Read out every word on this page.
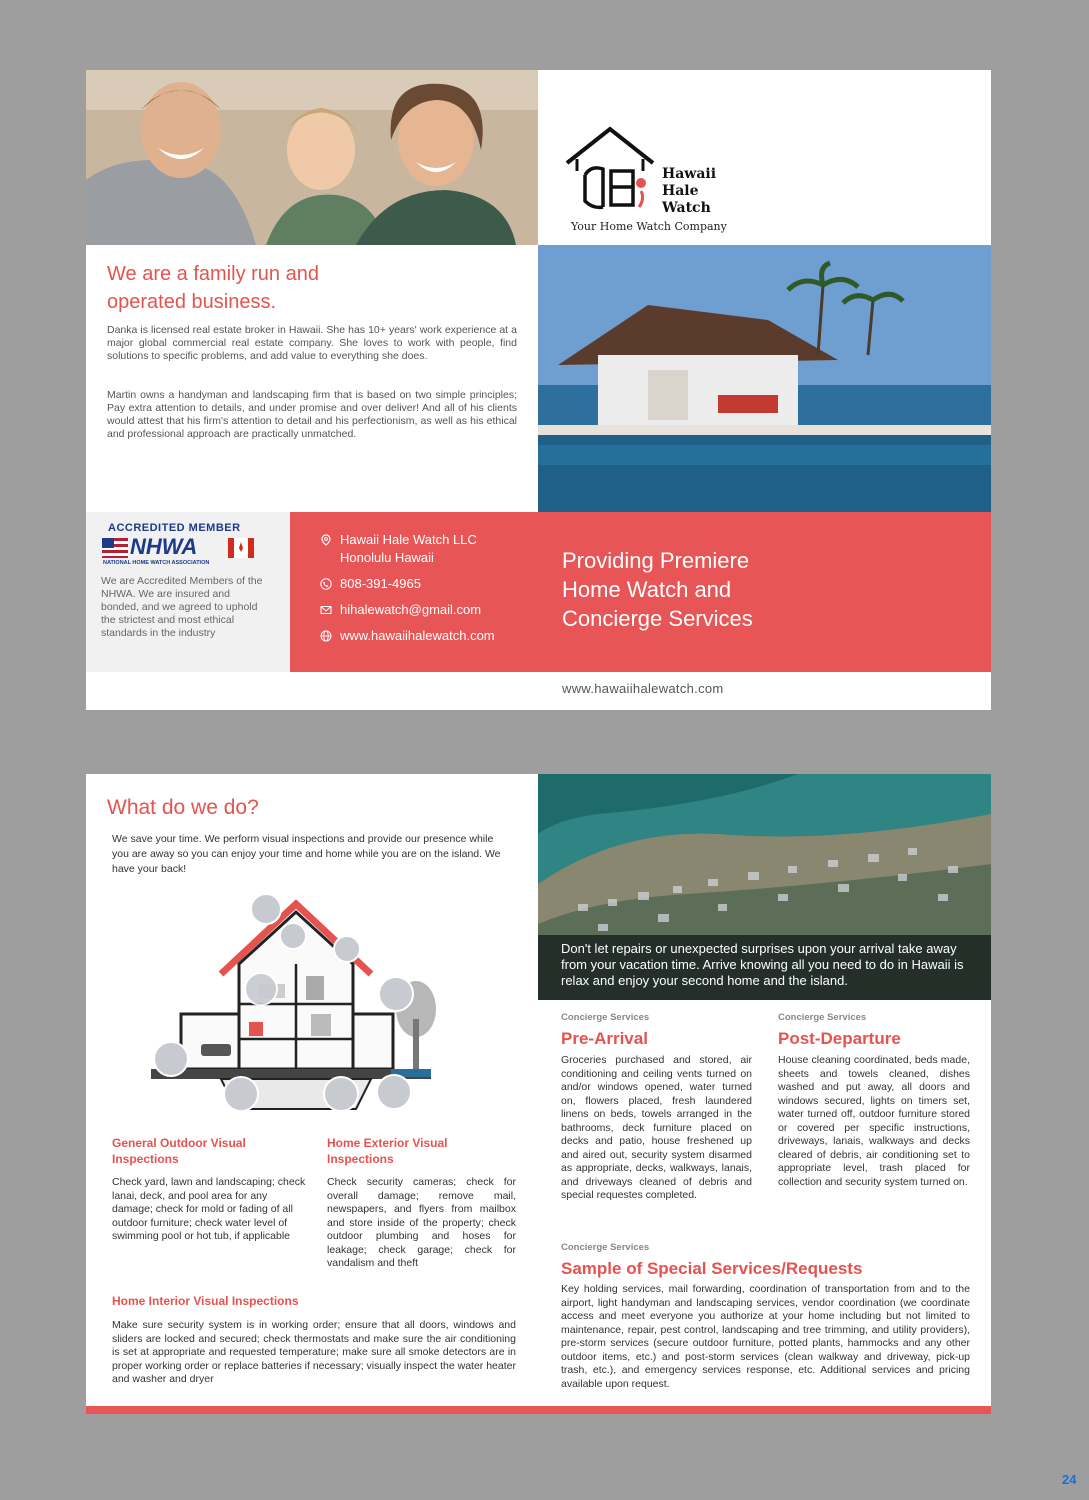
Hawaii
Hale
Watch
Your Home Watch Company
We are a family run and
operated business.

Danka is licensed real estate broker in Hawaii. She has 10+ years' work experience at a major global commercial real estate company. She loves to work with people, find solutions to specific problems, and add value to everything she does.

Martin owns a handyman and landscaping firm that is based on two simple principles; Pay extra attention to details, and under promise and over deliver! And all of his clients would attest that his firm's attention to detail and his perfectionism, as well as his ethical and professional approach are practically unmatched.

ACCREDITED MEMBER
NHWA
NATIONAL HOME WATCH ASSOCIATION

We are Accredited Members of the NHWA. We are insured and bonded, and we agreed to uphold the strictest and most ethical standards in the industry

Hawaii Hale Watch LLC
Honolulu Hawaii
808-391-4965
hihalewatch@gmail.com
www.hawaiihalewatch.com
Providing Premiere
Home Watch and
Concierge Services
www.hawaiihalewatch.com
What do we do?

We save your time. We perform visual inspections and provide our presence while you are away so you can enjoy your time and home while you are on the island. We have your back!

General Outdoor Visual Inspections

Check yard, lawn and landscaping; check lanai, deck, and pool area for any damage; check for mold or fading of all outdoor furniture; check water level of swimming pool or hot tub, if applicable

Home Exterior Visual Inspections

Check security cameras; check for overall damage; remove mail, newspapers, and flyers from mailbox and store inside of the property; check outdoor plumbing and hoses for leakage; check garage; check for vandalism and theft

Home Interior Visual Inspections

Make sure security system is in working order; ensure that all doors, windows and sliders are locked and secured; check thermostats and make sure the air conditioning is set at appropriate and requested temperature; make sure all smoke detectors are in proper working order or replace batteries if necessary; visually inspect the water heater and washer and dryer

Don't let repairs or unexpected surprises upon your arrival take away from your vacation time. Arrive knowing all you need to do in Hawaii is relax and enjoy your second home and the island.
Concierge Services
Pre-Arrival

Groceries purchased and stored, air conditioning and ceiling vents turned on and/or windows opened, water turned on, flowers placed, fresh laundered linens on beds, towels arranged in the bathrooms, deck furniture placed on decks and patio, house freshened up and aired out, security system disarmed as appropriate, decks, walkways, lanais, and driveways cleaned of debris and special requestes completed.

Concierge Services
Post-Departure

House cleaning coordinated, beds made, sheets and towels cleaned, dishes washed and put away, all doors and windows secured, lights on timers set, water turned off, outdoor furniture stored or covered per specific instructions, driveways, lanais, walkways and decks cleared of debris, air conditioning set to appropriate level, trash placed for collection and security system turned on.

Concierge Services
Sample of Special Services/Requests

Key holding services, mail forwarding, coordination of transportation from and to the airport, light handyman and landscaping services, vendor coordination (we coordinate access and meet everyone you authorize at your home including but not limited to maintenance, repair, pest control, landscaping and tree trimming, and utility providers), pre-storm services (secure outdoor furniture, potted plants, hammocks and any other outdoor items, etc.) and post-storm services (clean walkway and driveway, pick-up trash, etc.), and emergency services response, etc. Additional services and pricing available upon request.

24
